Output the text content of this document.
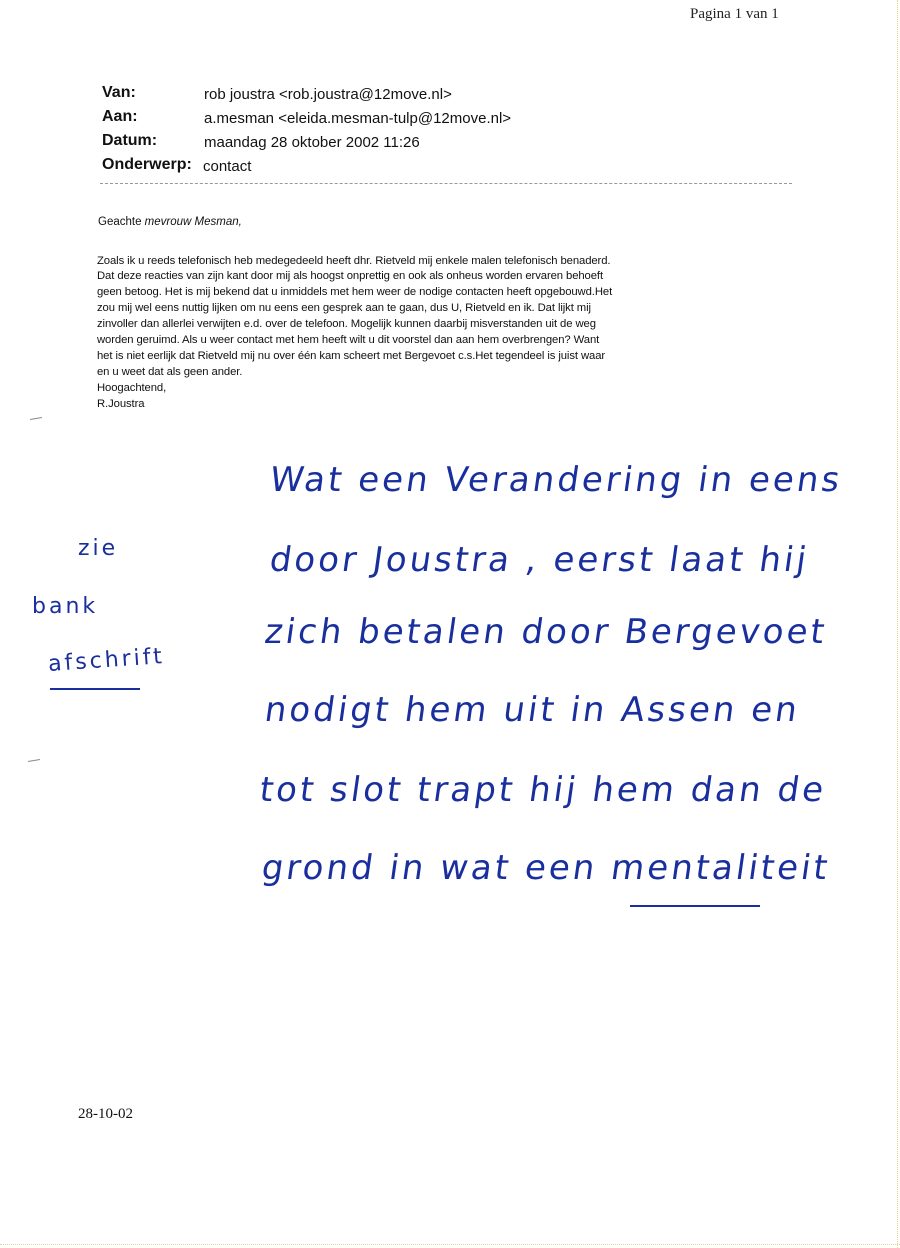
Pagina 1 van 1
Van:	rob joustra <rob.joustra@12move.nl>
Aan:	a.mesman <eleida.mesman-tulp@12move.nl>
Datum:	maandag 28 oktober 2002 11:26
Onderwerp: contact
Geachte mevrouw Mesman,
Zoals ik u reeds telefonisch heb medegedeeld heeft dhr. Rietveld mij enkele malen telefonisch benaderd.
Dat deze reacties van zijn kant door mij als hoogst onprettig en ook als onheus worden ervaren behoeft
geen betoog. Het is mij bekend dat u inmiddels met hem weer de nodige contacten heeft opgebouwd.Het
zou mij wel eens nuttig lijken om nu eens een gesprek aan te gaan, dus U, Rietveld en ik. Dat lijkt mij
zinvoller dan allerlei verwijten e.d. over de telefoon. Mogelijk kunnen daarbij misverstanden uit de weg
worden geruimd. Als u weer contact met hem heeft wilt u dit voorstel dan aan hem overbrengen? Want
het is niet eerlijk dat Rietveld mij nu over één kam scheert met Bergevoet c.s.Het tegendeel is juist waar
en u weet dat als geen ander.
Hoogachtend,
R.Joustra
Wat een Verandering in eens
door Joustra , eerst laat hij
zich betalen door Bergevoet
nodigt hem uit in Assen en
tot slot trapt hij hem dan de
grond in wat een mentaliteit
zie
bank
afschrift
28-10-02
